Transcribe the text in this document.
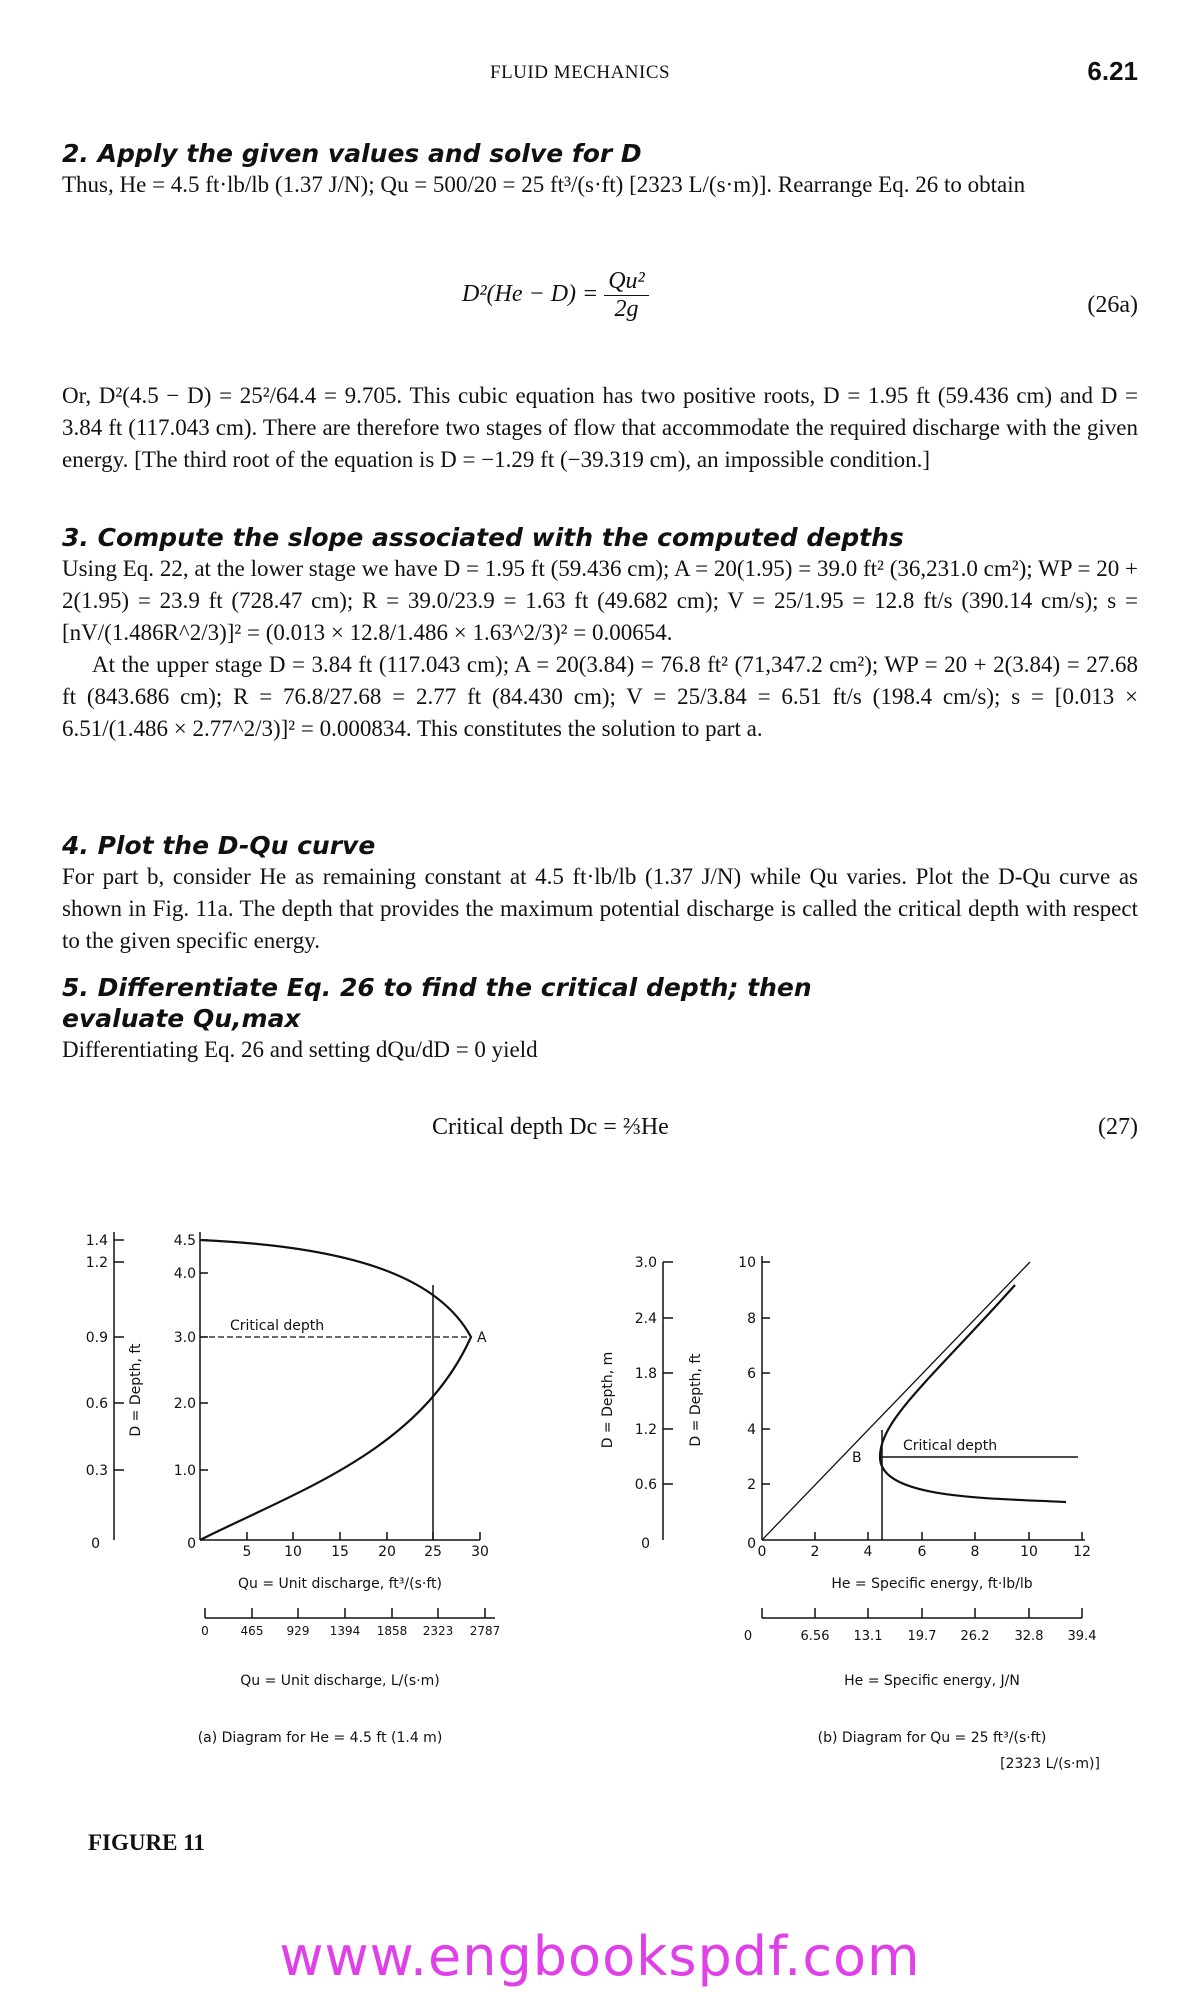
FLUID MECHANICS	6.21
2. Apply the given values and solve for D

Thus, He = 4.5 ft·lb/lb (1.37 J/N); Qu = 500/20 = 25 ft³/(s·ft) [2323 L/(s·m)]. Rearrange Eq. 26 to obtain

$D^2(He - D) = \frac{\text{Qu²}}{2g}$	(26a)

Or, D²(4.5 − D) = 25²/64.4 = 9.705. This cubic equation has two positive roots, D = 1.95 ft (59.436 cm) and D = 3.84 ft (117.043 cm). There are therefore two stages of flow that accommodate the required discharge with the given energy. [The third root of the equation is D = −1.29 ft (−39.319 cm), an impossible condition.]

3. Compute the slope associated with the computed depths

Using Eq. 22, at the lower stage we have D = 1.95 ft (59.436 cm); A = 20(1.95) = 39.0 ft² (36,231.0 cm²); WP = 20 + 2(1.95) = 23.9 ft (728.47 cm); R = 39.0/23.9 = 1.63 ft (49.682 cm); V = 25/1.95 = 12.8 ft/s (390.14 cm/s); s = [nV/(1.486R^2/3)]² = (0.013 × 12.8/1.486 × 1.63^2/3)² = 0.00654.

At the upper stage D = 3.84 ft (117.043 cm); A = 20(3.84) = 76.8 ft² (71,347.2 cm²); WP = 20 + 2(3.84) = 27.68 ft (843.686 cm); R = 76.8/27.68 = 2.77 ft (84.430 cm); V = 25/3.84 = 6.51 ft/s (198.4 cm/s); s = [0.013 × 6.51/(1.486 × 2.77^2/3)]² = 0.000834. This constitutes the solution to part a.

4. Plot the D-Qu curve

For part b, consider He as remaining constant at 4.5 ft·lb/lb (1.37 J/N) while Qu varies. Plot the D-Qu curve as shown in Fig. 11a. The depth that provides the maximum potential discharge is called the critical depth with respect to the given specific energy.

5. Differentiate Eq. 26 to find the critical depth; then
evaluate Qu,max

Differentiating Eq. 26 and setting dQu/dD = 0 yield

Critical depth Dc = ⅔He	(27)
1.4
1.2
0.9
0.6
0.3
0
D = Depth, ft
4.5
4.0
3.0
2.0
1.0
0	5 10 15 20 25 30
Critical depth
A
Qu = Unit discharge, ft³/(s·ft)
0	465 929 1394 1858 2323 2787
Qu = Unit discharge, L/(s·m)
(a) Diagram for He = 4.5 ft (1.4 m)
3.0
2.4
1.8
1.2
0.6
0
D = Depth, m	D = Depth, ft
10
8
6
4
2
0 0	2	4	6	8	10	12
Critical depth
B
He = Specific energy, ft·lb/lb
0	6.56 13.1 19.7 26.2 32.8 39.4
He = Specific energy, J/N
(b) Diagram for Qu = 25 ft³/(s·ft)
[2323 L/(s·m)]
FIGURE 11
www.engbookspdf.com
